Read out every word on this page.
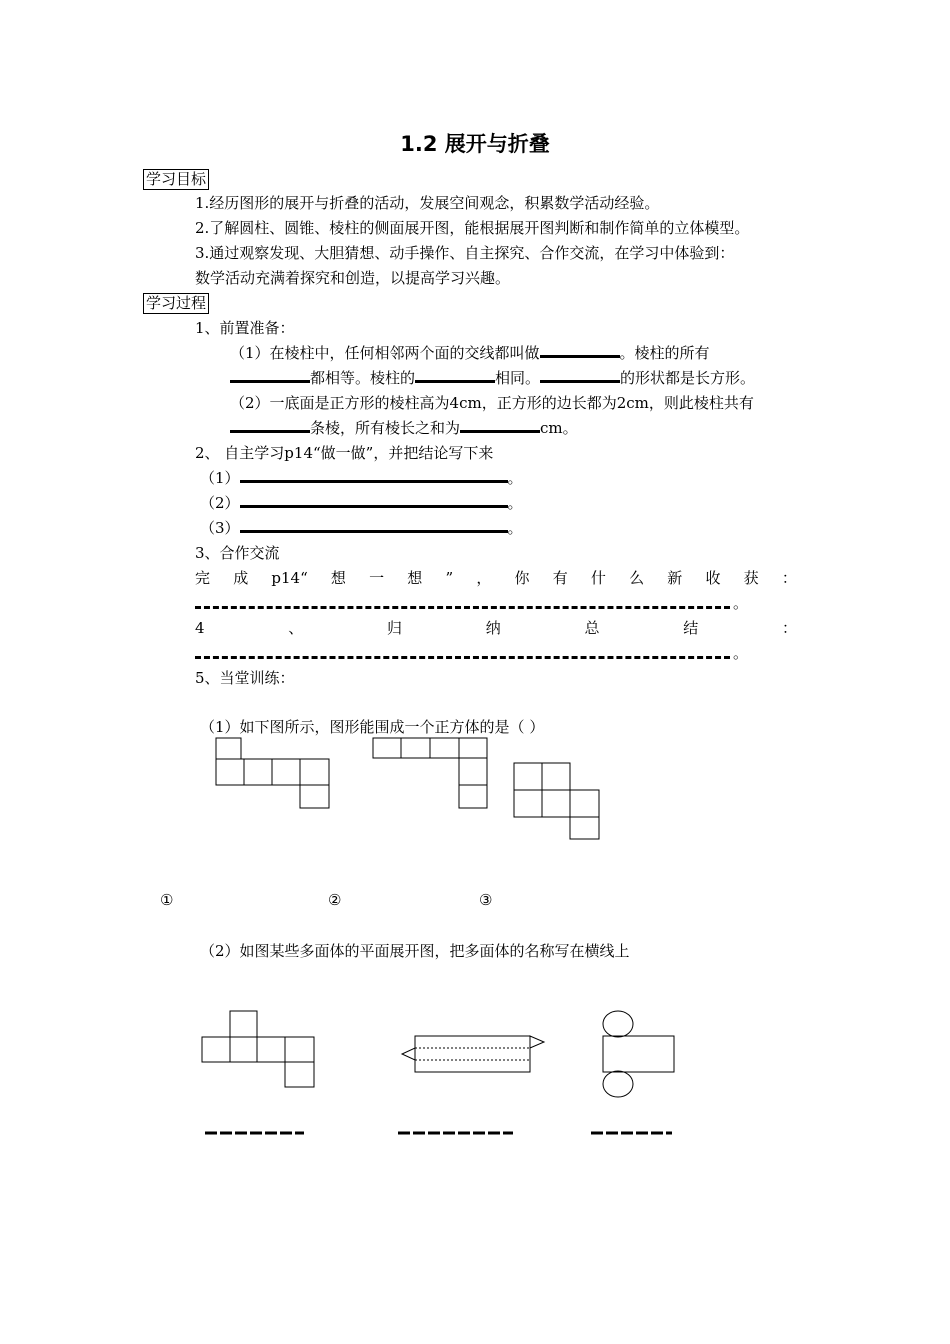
1.2 展开与折叠
学习目标
1.经历图形的展开与折叠的活动，发展空间观念，积累数学活动经验。
2.了解圆柱、圆锥、棱柱的侧面展开图，能根据展开图判断和制作简单的立体模型。
3.通过观察发现、大胆猜想、动手操作、自主探究、合作交流，在学习中体验到：
数学活动充满着探究和创造，以提高学习兴趣。
学习过程
1、前置准备：
（1）在棱柱中，任何相邻两个面的交线都叫做	。棱柱的所有
都相等。棱柱的	相同。	的形状都是长方形。
（2）一底面是正方形的棱柱高为4cm，正方形的边长都为2cm，则此棱柱共有
条棱，所有棱长之和为	cm。
2、 自主学习p14“做一做”，并把结论写下来
（1）	。
（2）	。
（3）	。
3、合作交流
完 成 p14“ 想 一 想 ” ， 你 有 什 么 新 收 获 ：
。
4	、	归	纳	总	结	：
。
5、当堂训练：
（1）如下图所示，图形能围成一个正方体的是（ ）
①	②	③
（2）如图某些多面体的平面展开图，把多面体的名称写在横线上
